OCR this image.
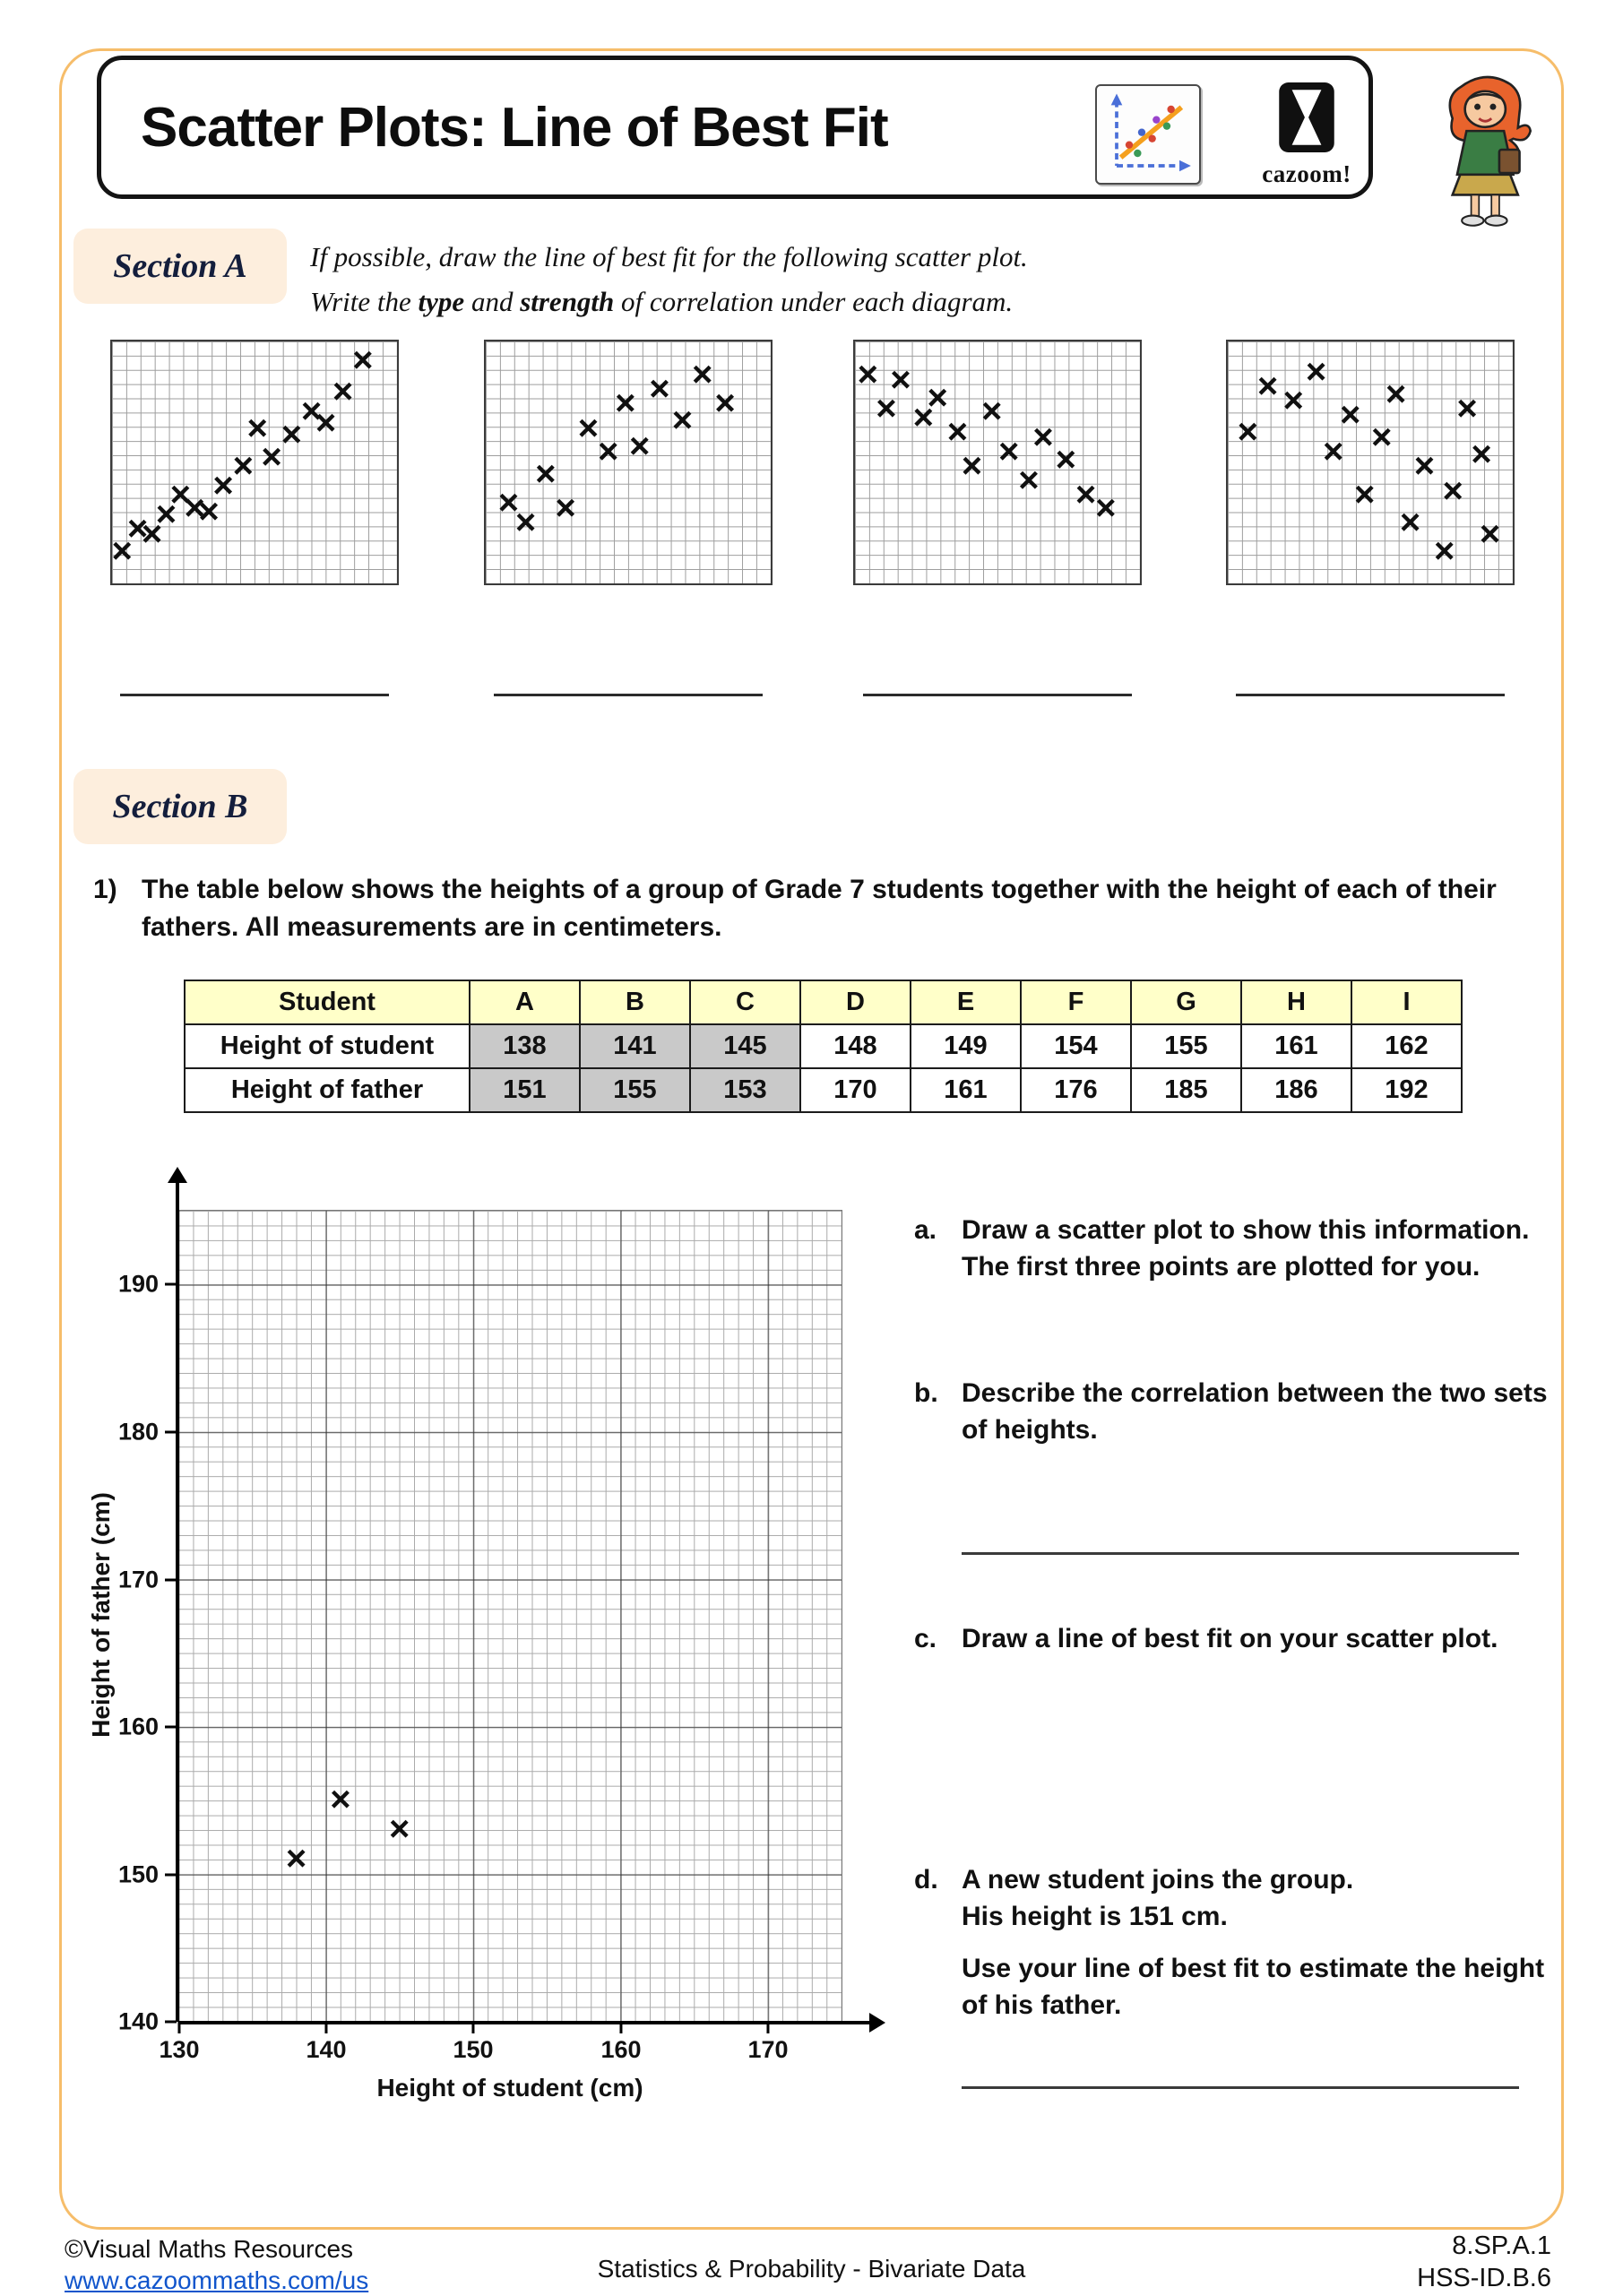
Scatter Plots: Line of Best Fit
cazoom!
Section A	If possible, draw the line of best fit for the following scatter plot.
Write the type and strength of correlation under each diagram.
×
×
×
×
×
×
×
×
×
×
×
×
×
×
×
×
×
×
×
×
×
×
×
×
×
×
×
×
×
×
×
×
×
×
×
×
×
×
×
×
×
×
×
× ×
×
×
×
×
×
×
×
×
×
×
×
×
×
Section B
1) The table below shows the heights of a group of Grade 7 students together with the height of each of their fathers. All measurements are in centimeters.
Student	A	B	C	D	E	F	G	H	I
Height of student	138	141	145	148	149	154	155	161	162
Height of father	151	155	153	170	161	176	185	186	192
190
180
170
160
150
140
130	140	150	160	170
Height of father (cm)
Height of student (cm)
×
×
×
a. Draw a scatter plot to show this information. The first three points are plotted for you.
b. Describe the correlation between the two sets of heights.
c. Draw a line of best fit on your scatter plot.
d. A new student joins the group.
His height is 151 cm.
Use your line of best fit to estimate the height of his father.
©Visual Maths Resources
www.cazoommaths.com/us	Statistics & Probability - Bivariate Data
8.SP.A.1
HSS-ID.B.6
